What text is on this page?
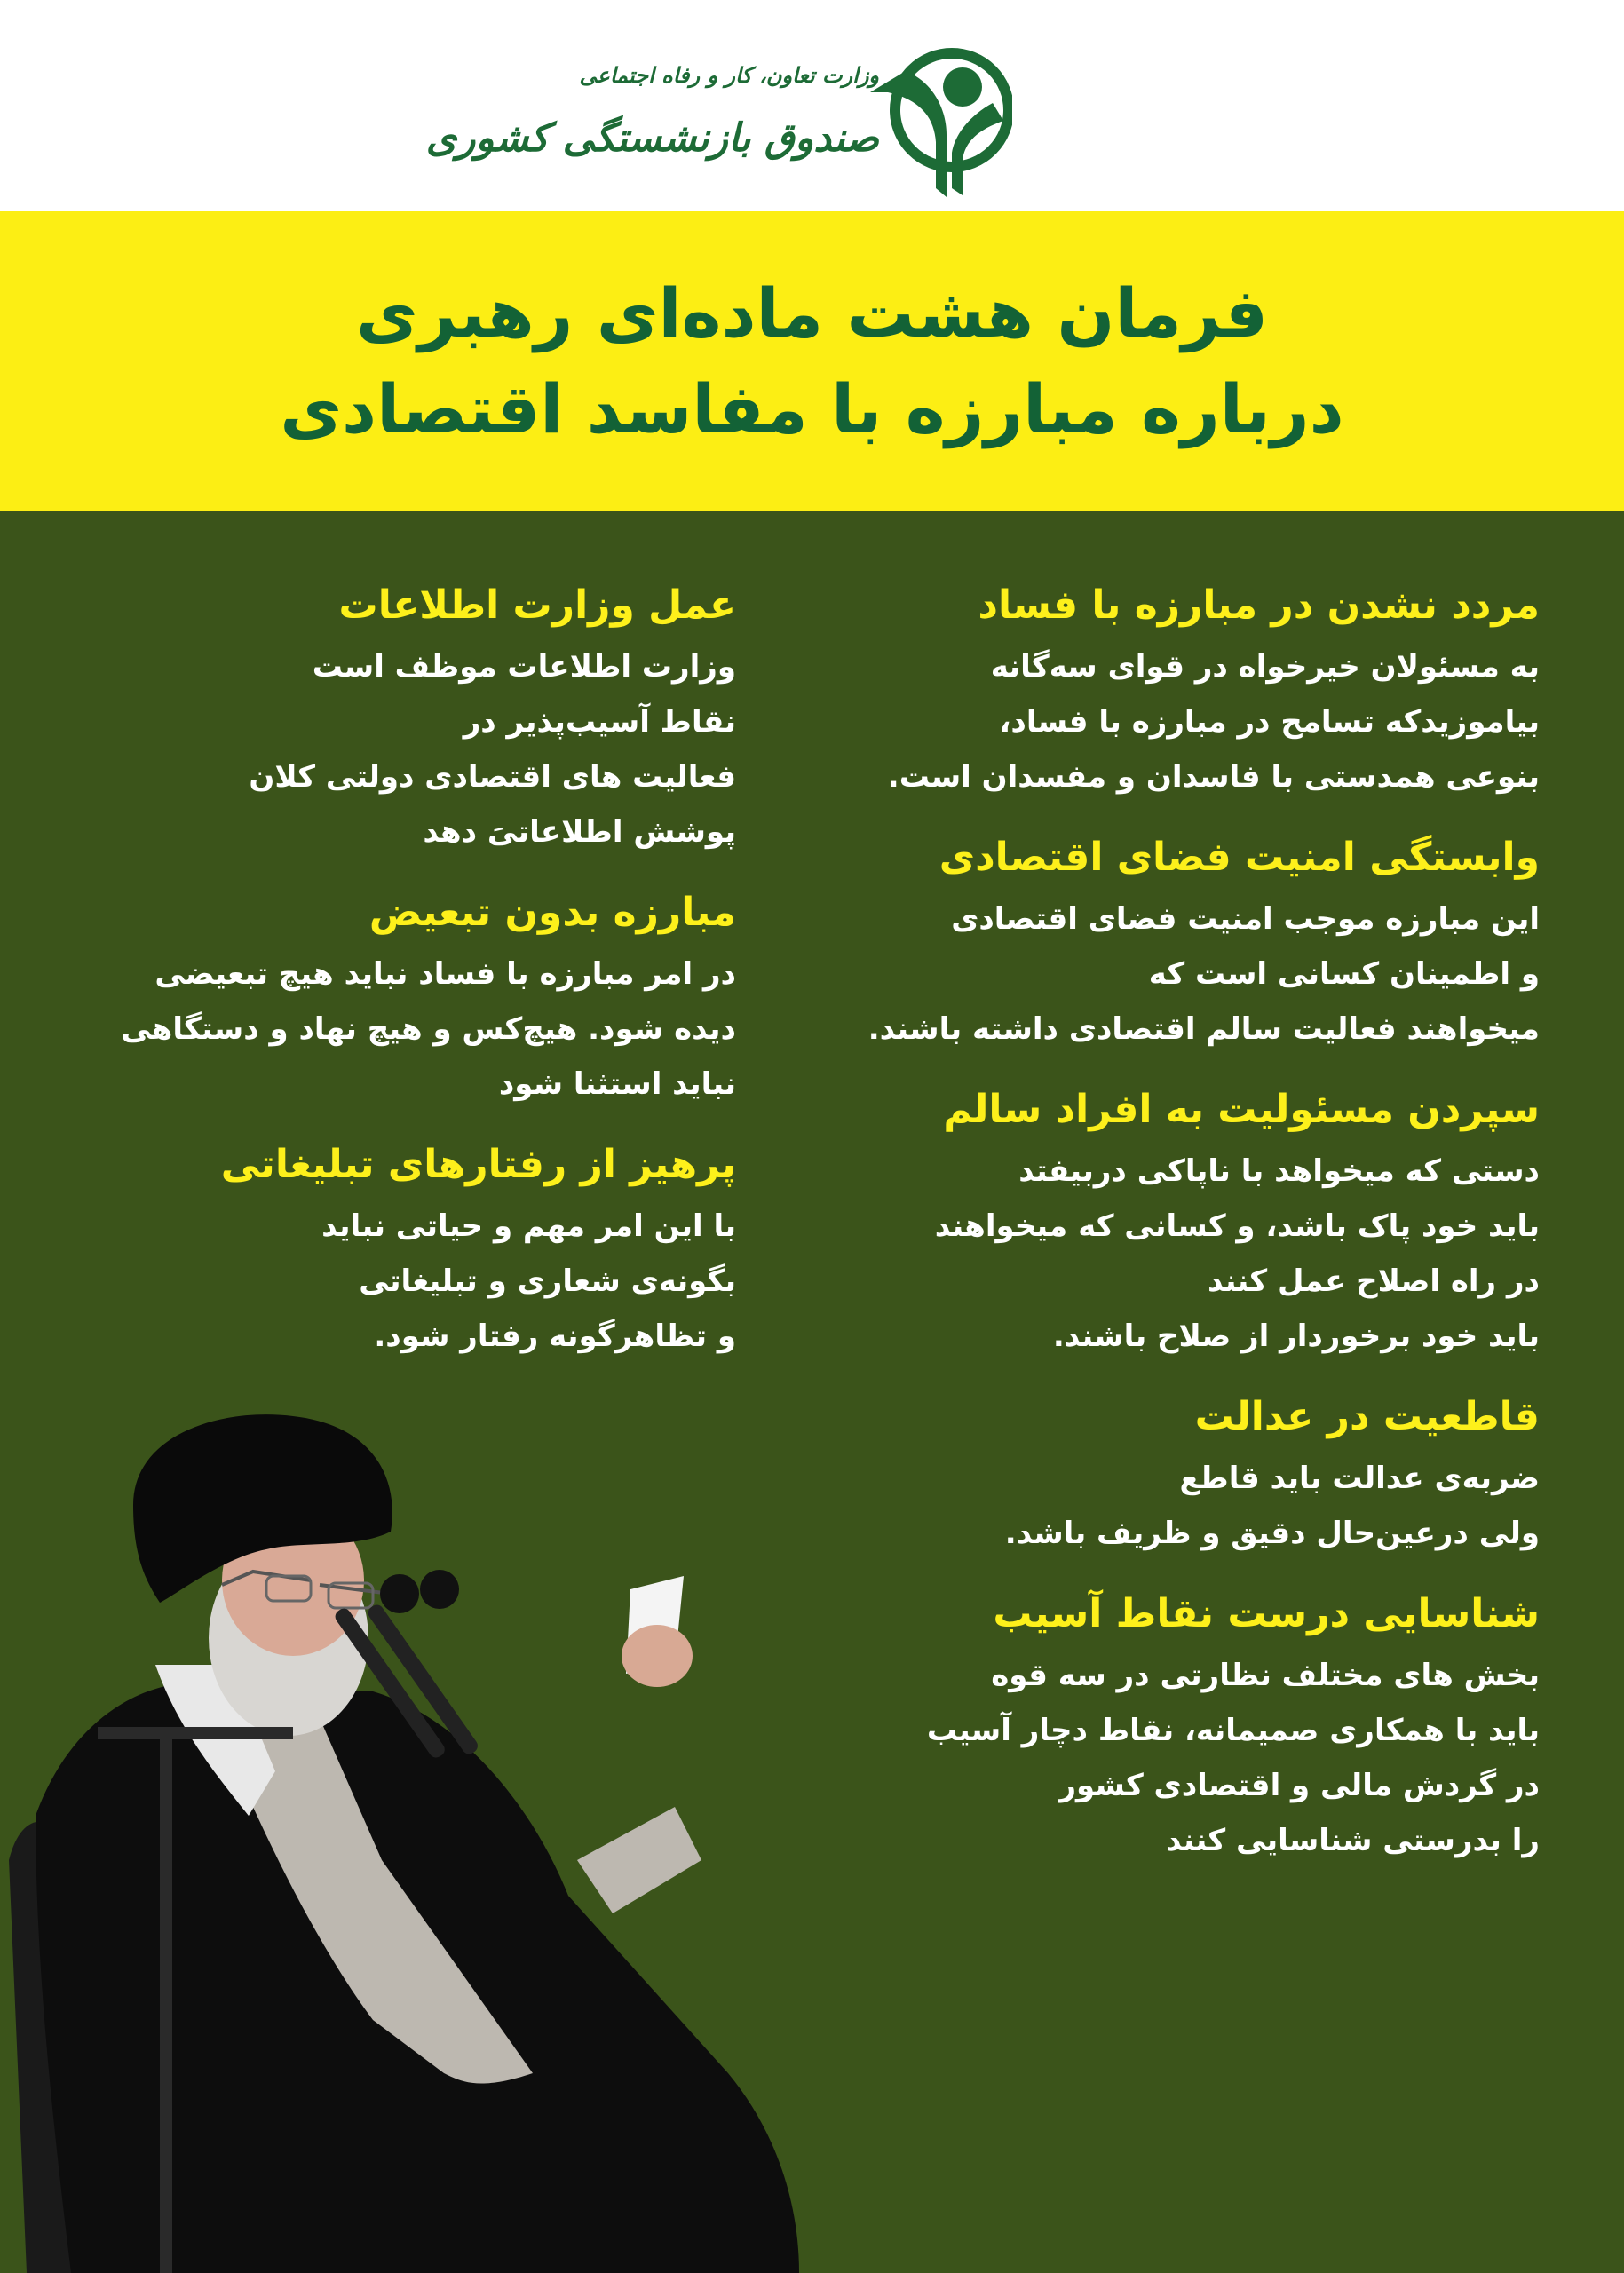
وزارت تعاون، کار و رفاه اجتماعی
صندوق بازنشستگی کشوری
فرمان هشت ماده‌ای رهبری
درباره مبارزه با مفاسد اقتصادی
مردد نشدن در مبارزه با فساد
به مسئولان خیرخواه در قوای سه‌گانه
بیاموزیدکه تسامح در مبارزه با فساد،
بنوعی همدستی با فاسدان و مفسدان است.
وابستگی امنیت فضای اقتصادی
این مبارزه موجب امنیت فضای اقتصادی
و اطمینان کسانی است که
میخواهند فعالیت سالم اقتصادی داشته باشند.
سپردن مسئولیت به افراد سالم
دستی که میخواهد با ناپاکی دربیفتد
باید خود پاک باشد، و کسانی که میخواهند
در راه اصلاح عمل کنند
باید خود برخوردار از صلاح باشند.
قاطعیت در عدالت
ضربه‌ی عدالت باید قاطع
ولی درعین‌حال دقیق و ظریف باشد.
شناسایی درست نقاط آسیب
بخش های مختلف نظارتی در سه قوه
باید با همکاری صمیمانه، نقاط دچار آسیب
در گردش مالی و اقتصادی کشور
را بدرستی شناسایی کنند
عمل وزارت اطلاعات
وزارت اطلاعات موظف است
نقاط آسیب‌پذیر در
فعالیت های اقتصادی دولتی کلان
پوشش اطلاعاتیَ دهد
مبارزه بدون تبعیض
در امر مبارزه با فساد نباید هیچ تبعیضی
دیده شود. هیچ‌کس و هیچ نهاد و دستگاهی
نباید استثنا شود
پرهیز از رفتارهای تبلیغاتی
با این امر مهم و حیاتی نباید
بگونه‌ی شعاری و تبلیغاتی
و تظاهرگونه رفتار شود.
